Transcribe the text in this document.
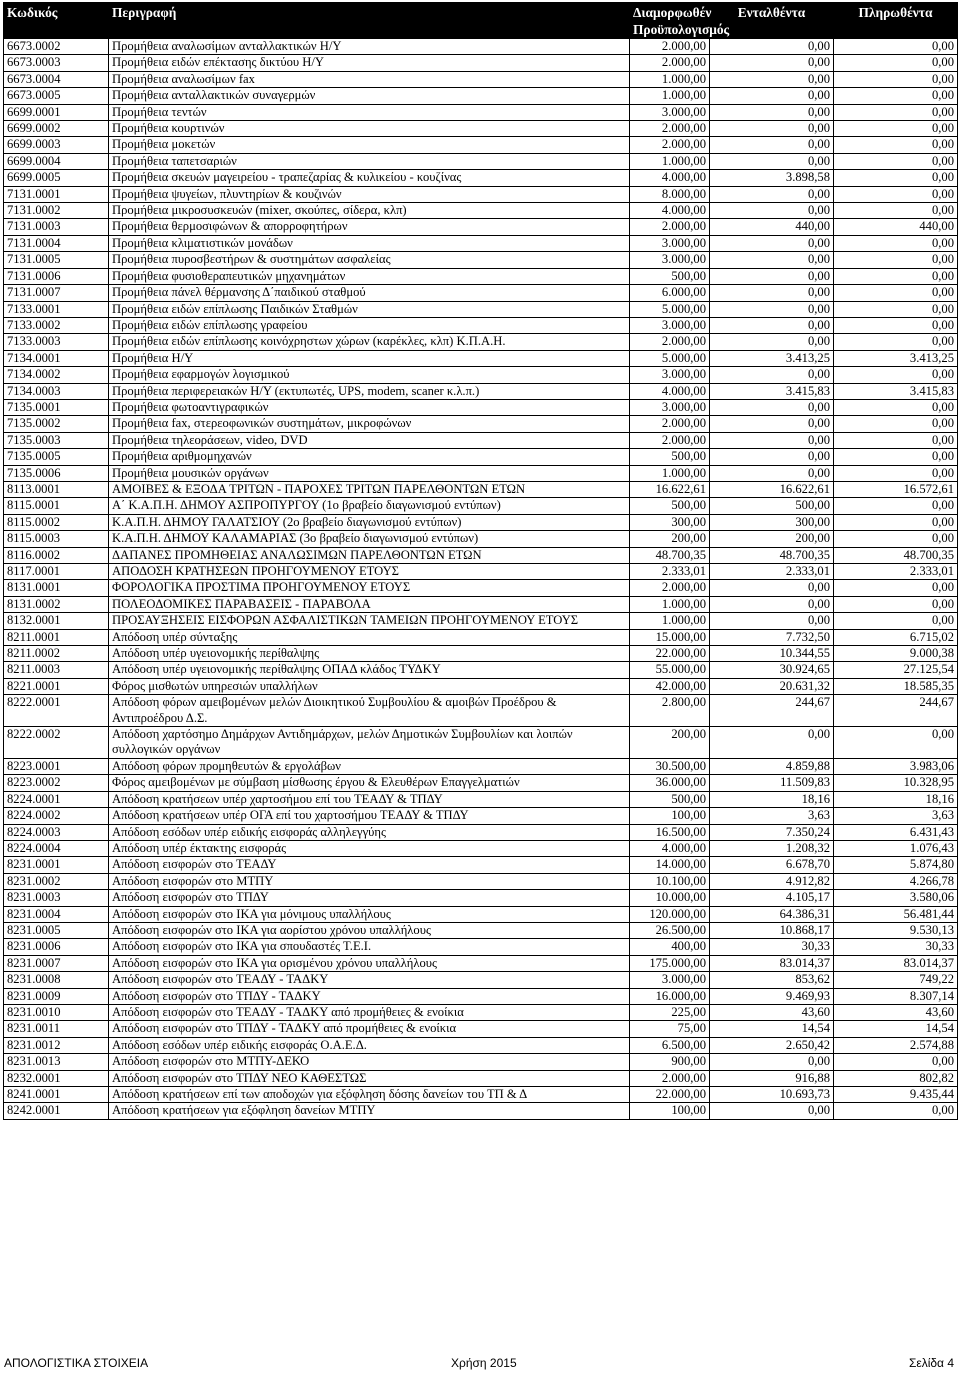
Κωδικός	Περιγραφή	Διαμορφωθέν Προϋπολογισμός	Ενταλθέντα	Πληρωθέντα
6673.0002	Προμήθεια αναλωσίμων ανταλλακτικών Η/Υ	2.000,00	0,00	0,00
6673.0003	Προμήθεια ειδών επέκτασης δικτύου Η/Υ	2.000,00	0,00	0,00
6673.0004	Προμήθεια αναλωσίμων fax	1.000,00	0,00	0,00
6673.0005	Προμήθεια ανταλλακτικών συναγερμών	1.000,00	0,00	0,00
6699.0001	Προμήθεια τεντών	3.000,00	0,00	0,00
6699.0002	Προμήθεια κουρτινών	2.000,00	0,00	0,00
6699.0003	Προμήθεια μοκετών	2.000,00	0,00	0,00
6699.0004	Προμήθεια ταπετσαριών	1.000,00	0,00	0,00
6699.0005	Προμήθεια σκευών μαγειρείου - τραπεζαρίας & κυλικείου - κουζίνας	4.000,00	3.898,58	0,00
7131.0001	Προμήθεια ψυγείων, πλυντηρίων & κουζινών	8.000,00	0,00	0,00
7131.0002	Προμήθεια μικροσυσκευών (mixer, σκούπες, σίδερα, κλπ)	4.000,00	0,00	0,00
7131.0003	Προμήθεια θερμοσιφώνων & απορροφητήρων	2.000,00	440,00	440,00
7131.0004	Προμήθεια κλιματιστικών μονάδων	3.000,00	0,00	0,00
7131.0005	Προμήθεια πυροσβεστήρων & συστημάτων ασφαλείας	3.000,00	0,00	0,00
7131.0006	Προμήθεια φυσιοθεραπευτικών μηχανημάτων	500,00	0,00	0,00
7131.0007	Προμήθεια πάνελ θέρμανσης Δ΄παιδικού σταθμού	6.000,00	0,00	0,00
7133.0001	Προμήθεια ειδών επίπλωσης Παιδικών Σταθμών	5.000,00	0,00	0,00
7133.0002	Προμήθεια ειδών επίπλωσης γραφείου	3.000,00	0,00	0,00
7133.0003	Προμήθεια ειδών επίπλωσης κοινόχρηστων χώρων (καρέκλες, κλπ) Κ.Π.Α.Η.	2.000,00	0,00	0,00
7134.0001	Προμήθεια Η/Υ	5.000,00	3.413,25	3.413,25
7134.0002	Προμήθεια εφαρμογών λογισμικού	3.000,00	0,00	0,00
7134.0003	Προμήθεια περιφερειακών Η/Υ (εκτυπωτές, UPS, modem, scaner κ.λ.π.)	4.000,00	3.415,83	3.415,83
7135.0001	Προμήθεια φωτοαντιγραφικών	3.000,00	0,00	0,00
7135.0002	Προμήθεια fax, στερεοφωνικών συστημάτων, μικροφώνων	2.000,00	0,00	0,00
7135.0003	Προμήθεια τηλεοράσεων, video, DVD	2.000,00	0,00	0,00
7135.0005	Προμήθεια αριθμομηχανών	500,00	0,00	0,00
7135.0006	Προμήθεια μουσικών οργάνων	1.000,00	0,00	0,00
8113.0001	ΑΜΟΙΒΕΣ & ΕΞΟΔΑ ΤΡΙΤΩΝ - ΠΑΡΟΧΕΣ ΤΡΙΤΩΝ ΠΑΡΕΛΘΟΝΤΩΝ ΕΤΩΝ	16.622,61	16.622,61	16.572,61
8115.0001	Α΄ Κ.Α.Π.Η. ΔΗΜΟΥ ΑΣΠΡΟΠΥΡΓΟΥ (1ο βραβείο διαγωνισμού εντύπων)	500,00	500,00	0,00
8115.0002	Κ.Α.Π.Η. ΔΗΜΟΥ ΓΑΛΑΤΣΙΟΥ (2ο βραβείο διαγωνισμού εντύπων)	300,00	300,00	0,00
8115.0003	Κ.Α.Π.Η. ΔΗΜΟΥ ΚΑΛΑΜΑΡΙΑΣ (3ο βραβείο διαγωνισμού εντύπων)	200,00	200,00	0,00
8116.0002	ΔΑΠΑΝΕΣ ΠΡΟΜΗΘΕΙΑΣ ΑΝΑΛΩΣΙΜΩΝ ΠΑΡΕΛΘΟΝΤΩΝ ΕΤΩΝ	48.700,35	48.700,35	48.700,35
8117.0001	ΑΠΟΔΟΣΗ ΚΡΑΤΗΣΕΩΝ ΠΡΟΗΓΟΥΜΕΝΟΥ ΕΤΟΥΣ	2.333,01	2.333,01	2.333,01
8131.0001	ΦΟΡΟΛΟΓΙΚΑ ΠΡΟΣΤΙΜΑ ΠΡΟΗΓΟΥΜΕΝΟΥ ΕΤΟΥΣ	2.000,00	0,00	0,00
8131.0002	ΠΟΛΕΟΔΟΜΙΚΕΣ ΠΑΡΑΒΑΣΕΙΣ - ΠΑΡΑΒΟΛΑ	1.000,00	0,00	0,00
8132.0001	ΠΡΟΣΑΥΞΗΣΕΙΣ ΕΙΣΦΟΡΩΝ ΑΣΦΑΛΙΣΤΙΚΩΝ ΤΑΜΕΙΩΝ ΠΡΟΗΓΟΥΜΕΝΟΥ ΕΤΟΥΣ	1.000,00	0,00	0,00
8211.0001	Απόδοση υπέρ σύνταξης	15.000,00	7.732,50	6.715,02
8211.0002	Απόδοση υπέρ υγειονομικής περίθαλψης	22.000,00	10.344,55	9.000,38
8211.0003	Απόδοση υπέρ υγειονομικής περίθαλψης ΟΠΑΔ κλάδος ΤΥΔΚΥ	55.000,00	30.924,65	27.125,54
8221.0001	Φόρος μισθωτών υπηρεσιών υπαλλήλων	42.000,00	20.631,32	18.585,35
8222.0001	Απόδοση φόρων αμειβομένων μελών Διοικητικού Συμβουλίου & αμοιβών Προέδρου & Αντιπροέδρου Δ.Σ.	2.800,00	244,67	244,67
8222.0002	Απόδοση χαρτόσημο Δημάρχων Αντιδημάρχων, μελών Δημοτικών Συμβουλίων και λοιπών συλλογικών οργάνων	200,00	0,00	0,00
8223.0001	Απόδοση φόρων προμηθευτών & εργολάβων	30.500,00	4.859,88	3.983,06
8223.0002	Φόρος αμειβομένων με σύμβαση μίσθωσης έργου & Ελευθέρων Επαγγελματιών	36.000,00	11.509,83	10.328,95
8224.0001	Απόδοση κρατήσεων υπέρ χαρτοσήμου επί του ΤΕΑΔΥ & ΤΠΔΥ	500,00	18,16	18,16
8224.0002	Απόδοση κρατήσεων υπέρ ΟΓΑ επί του χαρτοσήμου ΤΕΑΔΥ & ΤΠΔΥ	100,00	3,63	3,63
8224.0003	Απόδοση εσόδων υπέρ ειδικής εισφοράς αλληλεγγύης	16.500,00	7.350,24	6.431,43
8224.0004	Απόδοση υπέρ έκτακτης εισφοράς	4.000,00	1.208,32	1.076,43
8231.0001	Απόδοση εισφορών στο ΤΕΑΔΥ	14.000,00	6.678,70	5.874,80
8231.0002	Απόδοση εισφορών στο ΜΤΠΥ	10.100,00	4.912,82	4.266,78
8231.0003	Απόδοση εισφορών στο ΤΠΔΥ	10.000,00	4.105,17	3.580,06
8231.0004	Απόδοση εισφορών στο ΙΚΑ για μόνιμους υπαλλήλους	120.000,00	64.386,31	56.481,44
8231.0005	Απόδοση εισφορών στο ΙΚΑ για αορίστου χρόνου υπαλλήλους	26.500,00	10.868,17	9.530,13
8231.0006	Απόδοση εισφορών στο ΙΚΑ για σπουδαστές Τ.Ε.Ι.	400,00	30,33	30,33
8231.0007	Απόδοση εισφορών στο ΙΚΑ για ορισμένου χρόνου υπαλλήλους	175.000,00	83.014,37	83.014,37
8231.0008	Απόδοση εισφορών στο ΤΕΑΔΥ - ΤΑΔΚΥ	3.000,00	853,62	749,22
8231.0009	Απόδοση εισφορών στο ΤΠΔΥ - ΤΑΔΚΥ	16.000,00	9.469,93	8.307,14
8231.0010	Απόδοση εισφορών στο ΤΕΑΔΥ - ΤΑΔΚΥ από προμήθειες & ενοίκια	225,00	43,60	43,60
8231.0011	Απόδοση εισφορών στο ΤΠΔΥ - ΤΑΔΚΥ από προμήθειες & ενοίκια	75,00	14,54	14,54
8231.0012	Απόδοση εσόδων υπέρ ειδικής εισφοράς Ο.Α.Ε.Δ.	6.500,00	2.650,42	2.574,88
8231.0013	Απόδοση εισφορών στο ΜΤΠΥ-ΔΕΚΟ	900,00	0,00	0,00
8232.0001	Απόδοση εισφορών στο ΤΠΔΥ ΝΕΟ ΚΑΘΕΣΤΩΣ	2.000,00	916,88	802,82
8241.0001	Απόδοση κρατήσεων επί των αποδοχών για εξόφληση δόσης δανείων του ΤΠ & Δ	22.000,00	10.693,73	9.435,44
8242.0001	Απόδοση κρατήσεων για εξόφληση δανείων ΜΤΠΥ	100,00	0,00	0,00
ΑΠΟΛΟΓΙΣΤΙΚΑ ΣΤΟΙΧΕΙΑ	Χρήση 2015	Σελίδα 4
